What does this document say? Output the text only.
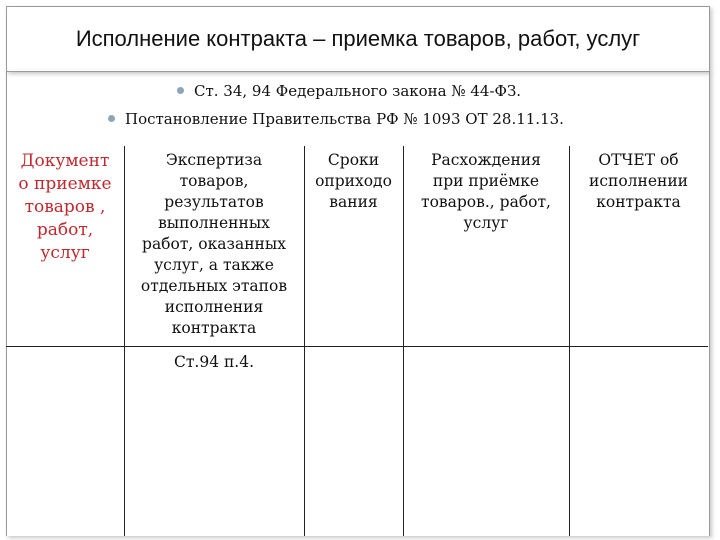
Исполнение контракта – приемка товаров, работ, услуг
Ст. 34, 94 Федерального закона № 44-ФЗ.
Постановление Правительства РФ № 1093 ОТ 28.11.13.
Документ
о приемке
товаров ,
работ,
услуг
Экспертиза
товаров,
результатов
выполненных
работ, оказанных
услуг, а также
отдельных этапов
исполнения
контракта
Сроки
оприходо
вания
Расхождения
при приёмке
товаров., работ,
услуг
ОТЧЕТ об
исполнении
контракта
Ст.94 п.4.
